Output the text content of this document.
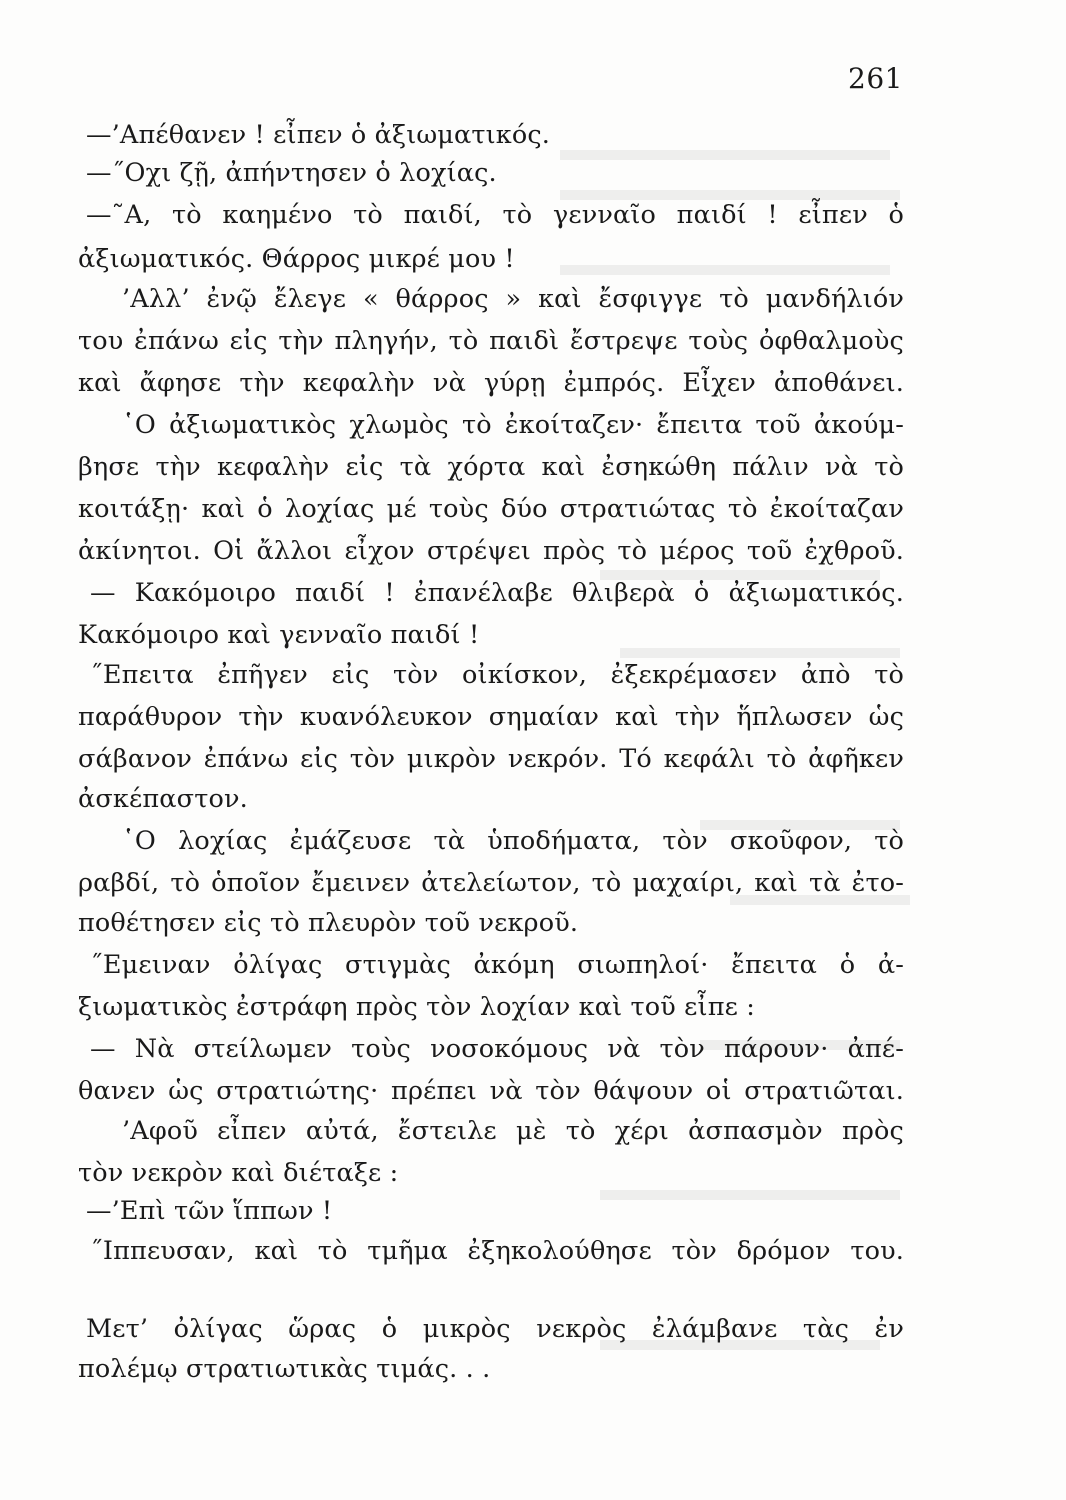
261
—’Απέθανεν ! εἶπεν ὁ ἀξιωματικός.
—˝Οχι ζῇ, ἀπήντησεν ὁ λοχίας.
—˜Α, τὸ καημένο τὸ παιδί, τὸ γενναῖο παιδί ! εἶπεν ὁ
ἀξιωματικός. Θάρρος μικρέ μου !
’Αλλ’ ἐνῷ ἔλεγε « θάρρος » καὶ ἔσφιγγε τὸ μανδήλιόν
του ἐπάνω εἰς τὴν πληγήν, τὸ παιδὶ ἔστρεψε τοὺς ὀφθαλμοὺς
καὶ ἄφησε τὴν κεφαλὴν νὰ γύρῃ ἐμπρός. Εἶχεν ἀποθάνει.
῾Ο ἀξιωματικὸς χλωμὸς τὸ ἐκοίταζεν· ἔπειτα τοῦ ἀκούμ-
βησε τὴν κεφαλὴν εἰς τὰ χόρτα καὶ ἐσηκώθη πάλιν νὰ τὸ
κοιτάξῃ· καὶ ὁ λοχίας μέ τοὺς δύο στρατιώτας τὸ ἐκοίταζαν
ἀκίνητοι. Οἱ ἄλλοι εἶχον στρέψει πρὸς τὸ μέρος τοῦ ἐχθροῦ.
— Κακόμοιρο παιδί ! ἐπανέλαβε θλιβερὰ ὁ ἀξιωματικός.
Κακόμοιρο καὶ γενναῖο παιδί !
˝Επειτα ἐπῆγεν εἰς τὸν οἰκίσκον, ἐξεκρέμασεν ἀπὸ τὸ
παράθυρον τὴν κυανόλευκον σημαίαν καὶ τὴν ἥπλωσεν ὡς
σάβανον ἐπάνω εἰς τὸν μικρὸν νεκρόν. Τό κεφάλι τὸ ἀφῆκεν
ἀσκέπαστον.
῾Ο λοχίας ἐμάζευσε τὰ ὑποδήματα, τὸν σκοῦφον, τὸ
ραβδί, τὸ ὁποῖον ἔμεινεν ἀτελείωτον, τὸ μαχαίρι, καὶ τὰ ἐτο-
ποθέτησεν εἰς τὸ πλευρὸν τοῦ νεκροῦ.
˝Εμειναν ὀλίγας στιγμὰς ἀκόμη σιωπηλοί· ἔπειτα ὁ ἀ-
ξιωματικὸς ἐστράφη πρὸς τὸν λοχίαν καὶ τοῦ εἶπε :
— Νὰ στείλωμεν τοὺς νοσοκόμους νὰ τὸν πάρουν· ἀπέ-
θανεν ὡς στρατιώτης· πρέπει νὰ τὸν θάψουν οἱ στρατιῶται.
’Αφοῦ εἶπεν αὐτά, ἔστειλε μὲ τὸ χέρι ἀσπασμὸν πρὸς
τὸν νεκρὸν καὶ διέταξε :
—’Επὶ τῶν ἵππων !
˝Ιππευσαν, καὶ τὸ τμῆμα ἐξηκολούθησε τὸν δρόμον του.
Μετ’ ὀλίγας ὥρας ὁ μικρὸς νεκρὸς ἐλάμβανε τὰς ἐν
πολέμῳ στρατιωτικὰς τιμάς. . .
